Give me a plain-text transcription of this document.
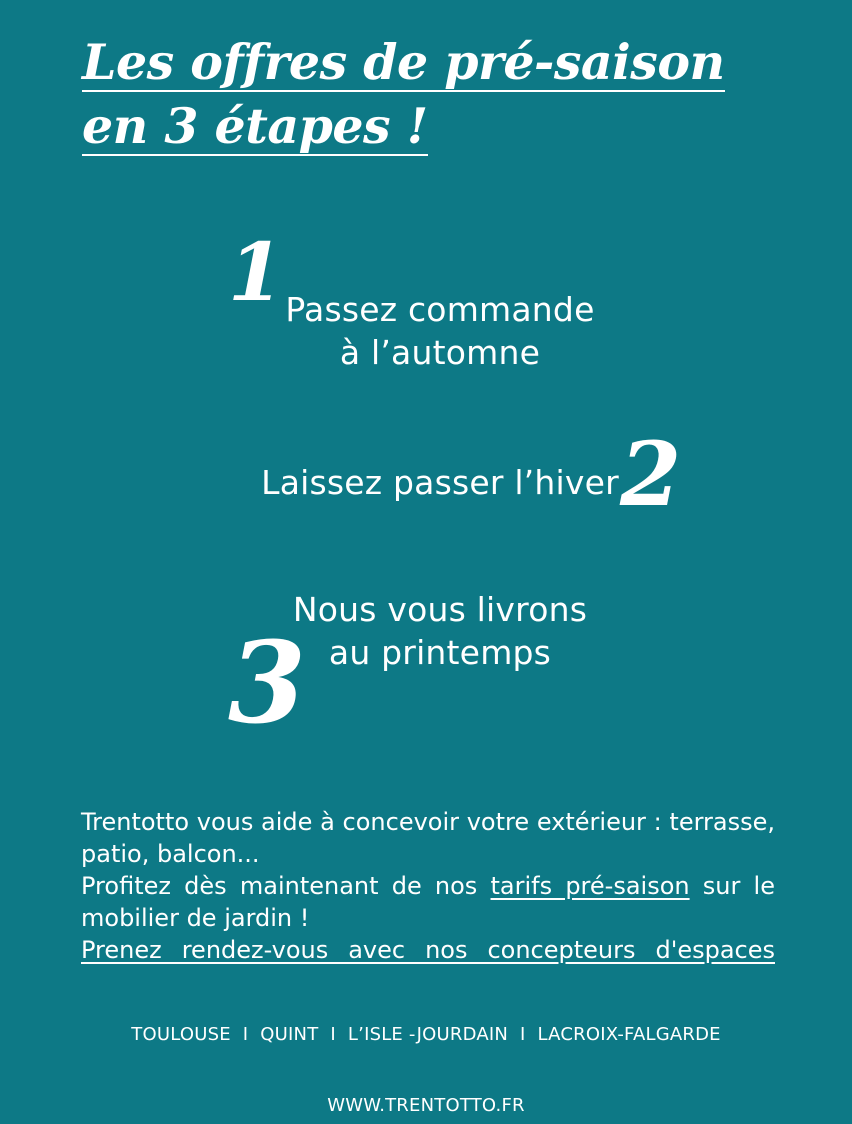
Les offres de pré-saison
en 3 étapes !
1 Passez commande
à l’automne
Laissez passer l’hiver 2
Nous vous livrons
au printemps
3

Trentotto vous aide à concevoir votre extérieur : terrasse, patio, balcon...

Profitez dès maintenant de nos tarifs pré-saison sur le mobilier de jardin !

Prenez rendez-vous avec nos concepteurs d'espaces
TOULOUSE I QUINT I L’ISLE -JOURDAIN I LACROIX-FALGARDE
WWW.TRENTOTTO.FR
